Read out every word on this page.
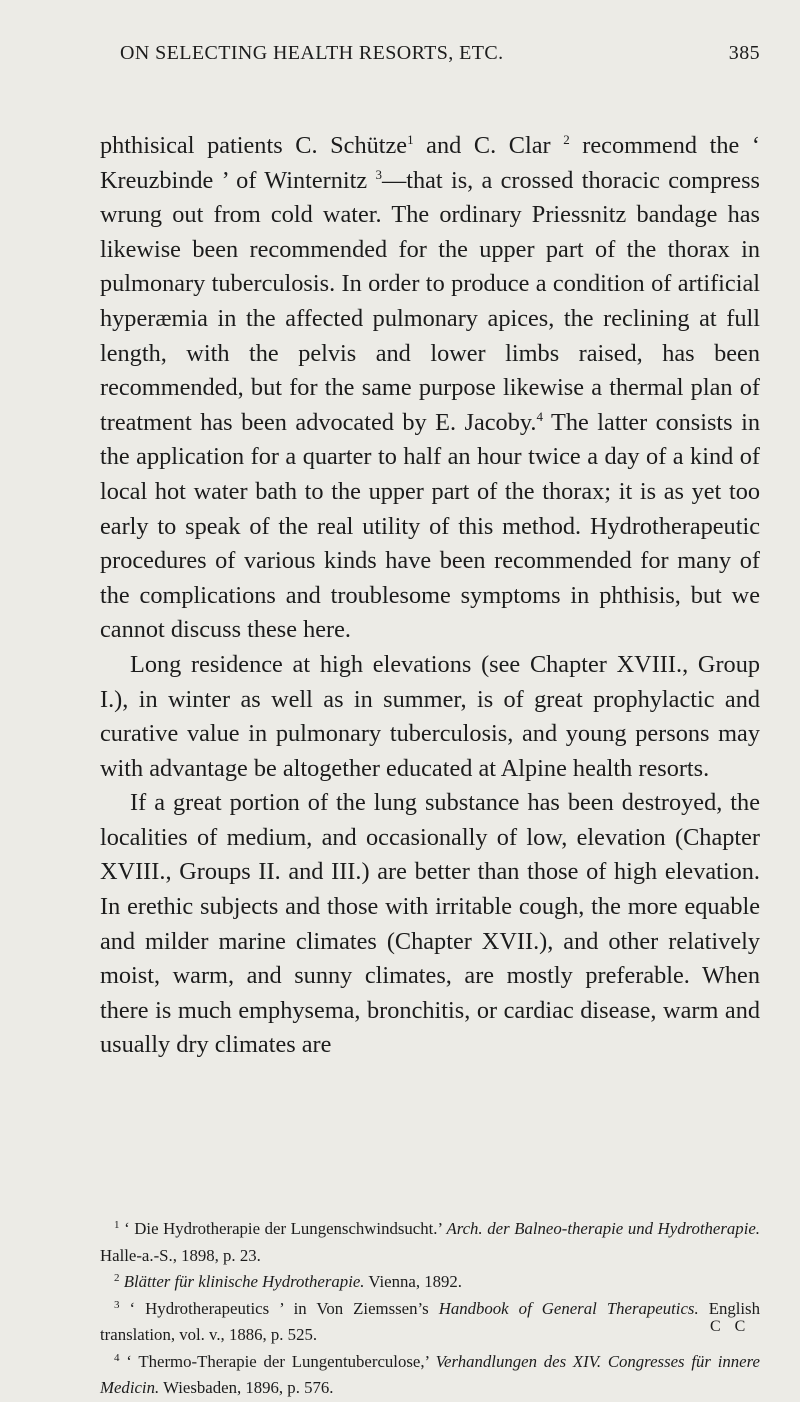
ON SELECTING HEALTH RESORTS, ETC.	385

phthisical patients C. Schütze$^1$ and C. Clar $^2$ recommend the ‘ Kreuzbinde ’ of Winternitz $^3$—that is, a crossed thoracic compress wrung out from cold water. The ordinary Priessnitz bandage has likewise been recommended for the upper part of the thorax in pulmonary tuberculosis. In order to produce a condition of artificial hyperæmia in the affected pulmonary apices, the reclining at full length, with the pelvis and lower limbs raised, has been recommended, but for the same purpose likewise a thermal plan of treatment has been advocated by E. Jacoby.$^4$ The latter consists in the application for a quarter to half an hour twice a day of a kind of local hot water bath to the upper part of the thorax; it is as yet too early to speak of the real utility of this method. Hydrotherapeutic procedures of various kinds have been recommended for many of the complications and troublesome symptoms in phthisis, but we cannot discuss these here.

Long residence at high elevations (see Chapter XVIII., Group I.), in winter as well as in summer, is of great prophylactic and curative value in pulmonary tuberculosis, and young persons may with advantage be altogether educated at Alpine health resorts.

If a great portion of the lung substance has been destroyed, the localities of medium, and occasionally of low, elevation (Chapter XVIII., Groups II. and III.) are better than those of high elevation. In erethic subjects and those with irritable cough, the more equable and milder marine climates (Chapter XVII.), and other relatively moist, warm, and sunny climates, are mostly preferable. When there is much emphysema, bronchitis, or cardiac disease, warm and usually dry climates are

$^1$ ‘ Die Hydrotherapie der Lungenschwindsucht.’ Arch. der Balneo-therapie und Hydrotherapie. Halle-a.-S., 1898, p. 23.

$^2$ Blätter für klinische Hydrotherapie. Vienna, 1892.

$^3$ ‘ Hydrotherapeutics ’ in Von Ziemssen’s Handbook of General Therapeutics. English translation, vol. v., 1886, p. 525.

$^4$ ‘ Thermo-Therapie der Lungentuberculose,’ Verhandlungen des XIV. Congresses für innere Medicin. Wiesbaden, 1896, p. 576.

C C
